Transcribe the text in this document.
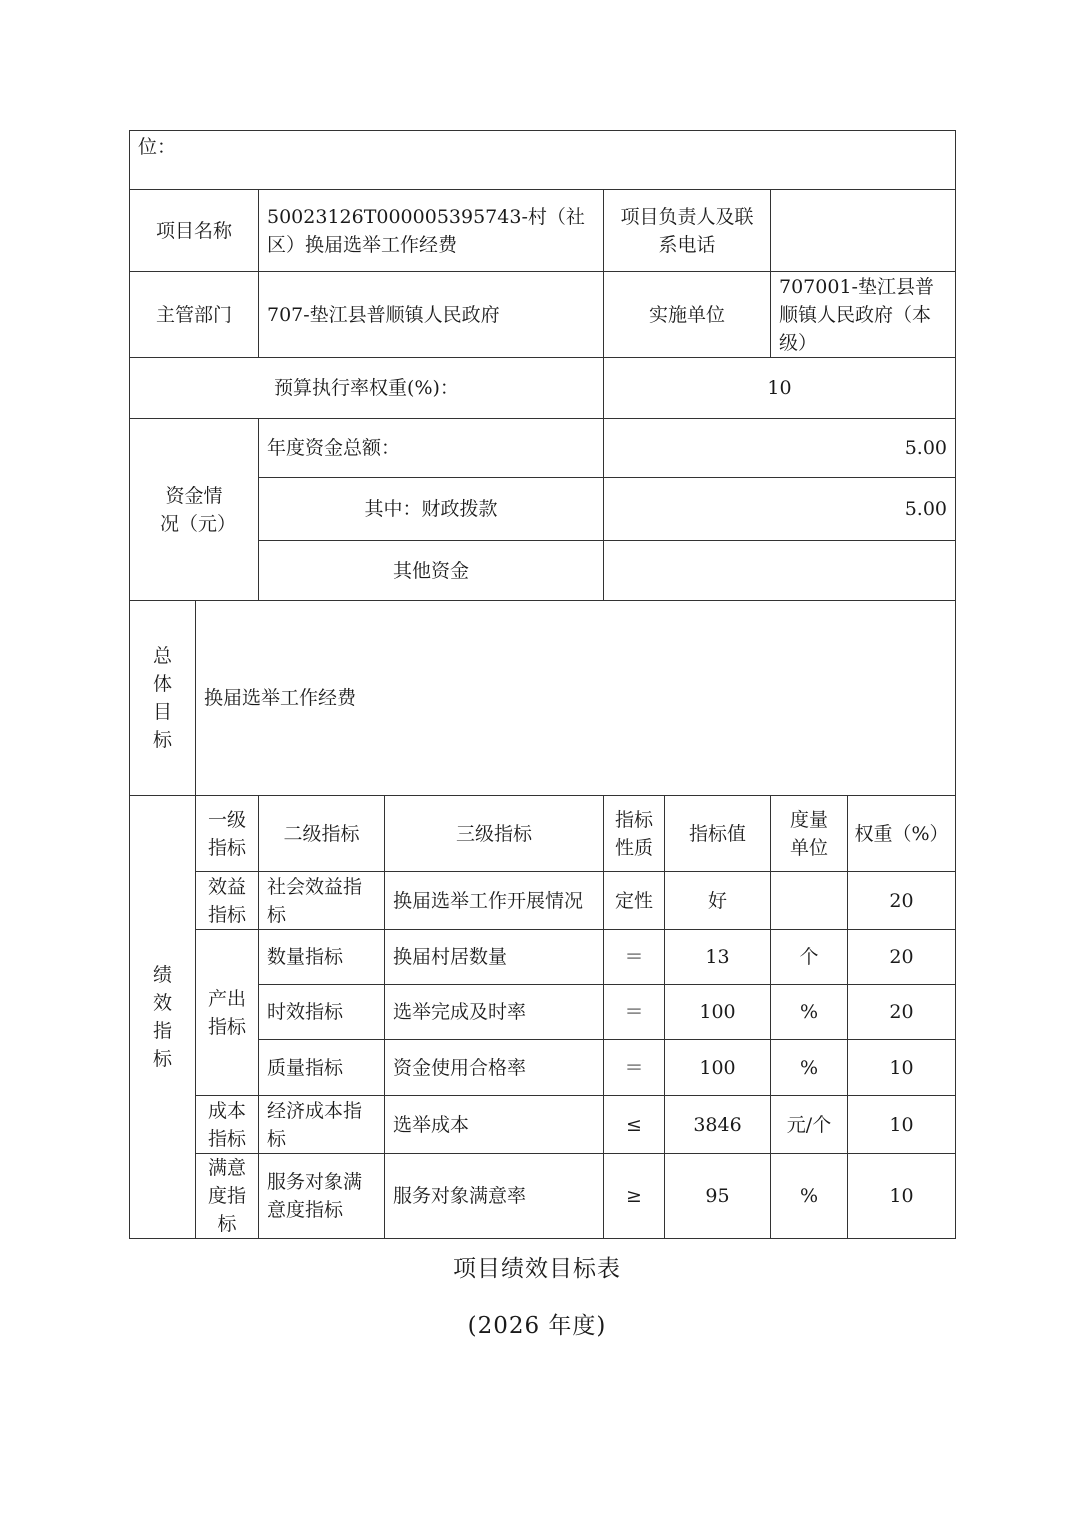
位：							
项目名称		50023126T000005395743-村（社区）换届选举工作经费		项目负责人及联系电话			
主管部门		707-垫江县普顺镇人民政府		实施单位		707001-垫江县普顺镇人民政府（本级）	
预算执行率权重(%)：				10			
资金情况（元）		年度资金总额：		5.00			
		其中：财政拨款		5.00			
		其他资金					

总体目标	换届选举工作经费						

绩效指标	一级指标	二级指标	三级指标	指标性质	指标值	度量单位	权重（%）
	效益指标	社会效益指标	换届选举工作开展情况	定性	好		20
	产出指标	数量指标	换届村居数量	＝	13	个	20
		时效指标	选举完成及时率	＝	100	%	20
		质量指标	资金使用合格率	＝	100	%	10
	成本指标	经济成本指标	选举成本	≤	3846	元/个	10
	满意度指标	服务对象满意度指标	服务对象满意率	≥	95	%	10
项目绩效目标表
(2026 年度)
